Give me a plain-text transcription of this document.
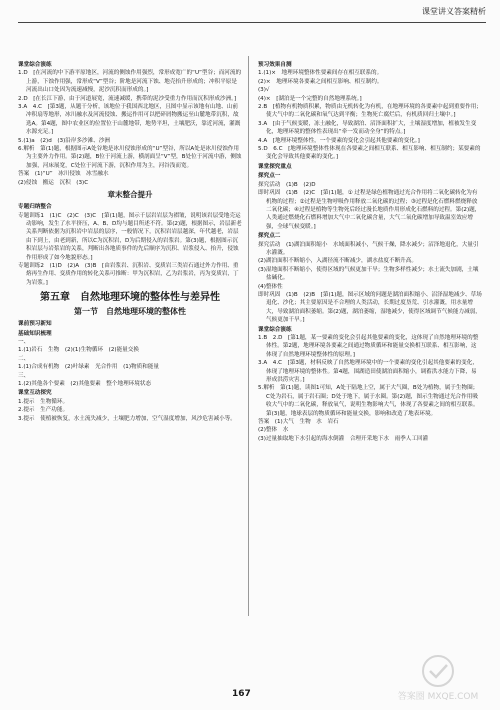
课堂讲义答案精析
课堂综合演练
1.D　[在河流的中下游平原地区，河流的侧蚀作用强烈，常形成宽广的“U”型谷；而河流的上游，下蚀作用强，常形成“V”型谷；阶地是河流下蚀、地壳抬升形成的；冲积平原是河流出山口处因为流速减慢，泥沙沉积而形成的。]
2.D　[在长江下游，由于河道展宽，流速减缓，携带的泥沙受重力作用而沉积形成沙洲。]
3.A　4.C　[第3题，从题干分析，该地位于我国西北地区，且图中显示该地有山地、山前冲积扇等地形，冰川融水及河流侵蚀、搬运作用可以把碎屑物搬运至山麓地带沉积，故选A。第4题，图中农业区的位置位于山麓地带，地势平坦，土壤肥沃，靠近河流，灌溉水源充足。]
5.(1)a　(2)d　(3)沿岸多沙滩、沙洲
6.解析　第(1)题，根据图示A处谷地是冰川侵蚀形成的“U”型谷，所以A处是冰川侵蚀作用为主要外力作用。第(2)题，B位于河流上游，横剖面呈“V”型，B处位于河流中游，侧蚀加强，河床展宽，C处位于河流下游，沉积作用为主，河谷浅而宽。
答案　(1)“U”　冰川侵蚀　冰雪融水
(2)侵蚀　搬运　沉积　(3)C
章末整合提升
专题归纳整合
专题训练1　(1)C　(2)C　(3)C　[第(1)题，图示千层岩岩层为褶皱，说明该岩层受地壳运动影响，发生了水平挤压，A、B、D均与题目所述不符。第(2)题，根据图示，岩层新老关系判断依据为沉积岩中岩层的层序，一般情况下，沉积岩岩层越深，年代越老，岩层由下到上，由老到新，所以C为沉积岩，D为后期侵入的岩浆岩。第(3)题，根据图示沉积岩层与岩浆岩的关系，判断出各地质事件的先后顺序为沉积、岩浆侵入、抬升，侵蚀作用形成了如今地貌形态。]
专题训练2　(1)D　(2)A　(3)B　[由岩浆岩、沉积岩、变质岩三类岩石通过外力作用、重熔再生作用、变质作用的转化关系可推断：甲为沉积岩，乙为岩浆岩，丙为变质岩，丁为岩浆。]
第五章　自然地理环境的整体性与差异性
第一节　自然地理环境的整体性
课前预习新知
基础知识梳理
一、
1.(1)岩石　生物　(2)(1)生物循环　(2)能量交换
二、
1.(1)合成有机物　(2)叶绿素　光合作用　(1)物质和能量
三、
1.(2)其他各个要素　(2)其他要素　整个地理环境状态
课堂互动探究
1.提示　生物循环。
2.提示　生产功能。
3.提示　使植被恢复，水土流失减少，土壤肥力增加，空气湿度增加，风沙危害减小等。
预习效果自测
1.(1)×　地理环境整体性要素间存在相互联系的。
(2)×　地理环境各要素之间相互影响、相互制约。
(3)√
(4)×　[湖泊是一个完整的自然地理系统。]
2.B　[植物有机物质积累，物质由无机转化为有机，在地理环境的各要素中起到重要作用；使大气中的二氧化碳和氧气达到平衡；生物死亡腐烂后，有机质回归土壤中。]
3.A　[由于气候变暖，冻土融化，导致湖泊、沼泽面积扩大，土壤湿度增加，植被发生变化，地理环境的整体性表现出“牵一发而动全身”的特点。]
4.A　[地理环境整体性，一个要素的变化会引起其他要素的变化。]
5.D　6.C　[地理环境整体性体现在各要素之间相互联系、相互影响、相互制约；某要素的变化会导致其他要素的变化。]
课堂探究重点
探究点一
探究活动　(1)B　(2)D
即时巩固　(1)B　(2)C　[第(1)题，① 过程是绿色植物通过光合作用将二氧化碳转化为有机物的过程；②过程是生物呼吸作用释放二氧化碳的过程；③过程是化石燃料燃烧释放二氧化碳；④过程是植物等生物死后经过漫长地质作用形成化石燃料的过程。第(2)题，人类通过燃烧化石燃料增加大气中二氧化碳含量，大气二氧化碳增加导致温室效应增强，全球气候变暖。]
探究点二
探究活动　(1)湖泊面积缩小　水域面积减小，气候干燥，降水减少；沼泽地退化，大量引水灌溉。
(2)湖泊面积不断缩小，入湖径流不断减少，湖水盐度不断升高。
(3)湿地面积不断缩小，使得区域的气候更加干旱；生物多样性减少；水土流失加剧，土壤盐碱化。
(4)整体性
即时巩固　(1)B　(2)B　[第(1)题，图示区域的问题是湖泊面积缩小、沼泽湿地减少、草场退化、沙化；其主要原因是不合理的人类活动，长期过度垦荒、引水灌溉，用水量增大，导致湖泊面积萎缩。第(2)题，湖泊萎缩，湿地减少，使得区域调节气候能力减弱，气候更加干旱。]
课堂综合演练
1.B　2.D　[第1题，某一要素的变化会引起其他要素的变化，这体现了自然地理环境的整体性。第2题，地理环境各要素之间通过物质循环和能量交换相互联系、相互影响，这体现了自然地理环境整体性的原理。]
3.A　4.C　[第3题，材料反映了自然地理环境中的一个要素的变化引起其他要素的变化，体现了地理环境的整体性。第4题，围湖造田使湖泊面积缩小，调蓄洪水能力下降，易形成洪涝灾害。]
5.解析　第(1)题，读图1可知，A处于陆地上空，属于大气圈，B处为植物，属于生物圈；C处为岩石，属于岩石圈；D处于地下，属于水圈。第(2)题，图示生物通过光合作用吸收大气中的二氧化碳，释放氧气，说明生物影响大气，体现了各要素之间的相互联系。第(3)题，地球表层的物质循环和能量交换，影响和改造了地表环境。
答案　(1)大气　生物　水　岩石
(2)整体　水
(3)过量抽取地下水引起的海水倒灌　合理开采地下水　雨季人工回灌
167	答案圈 MXQE.COM
